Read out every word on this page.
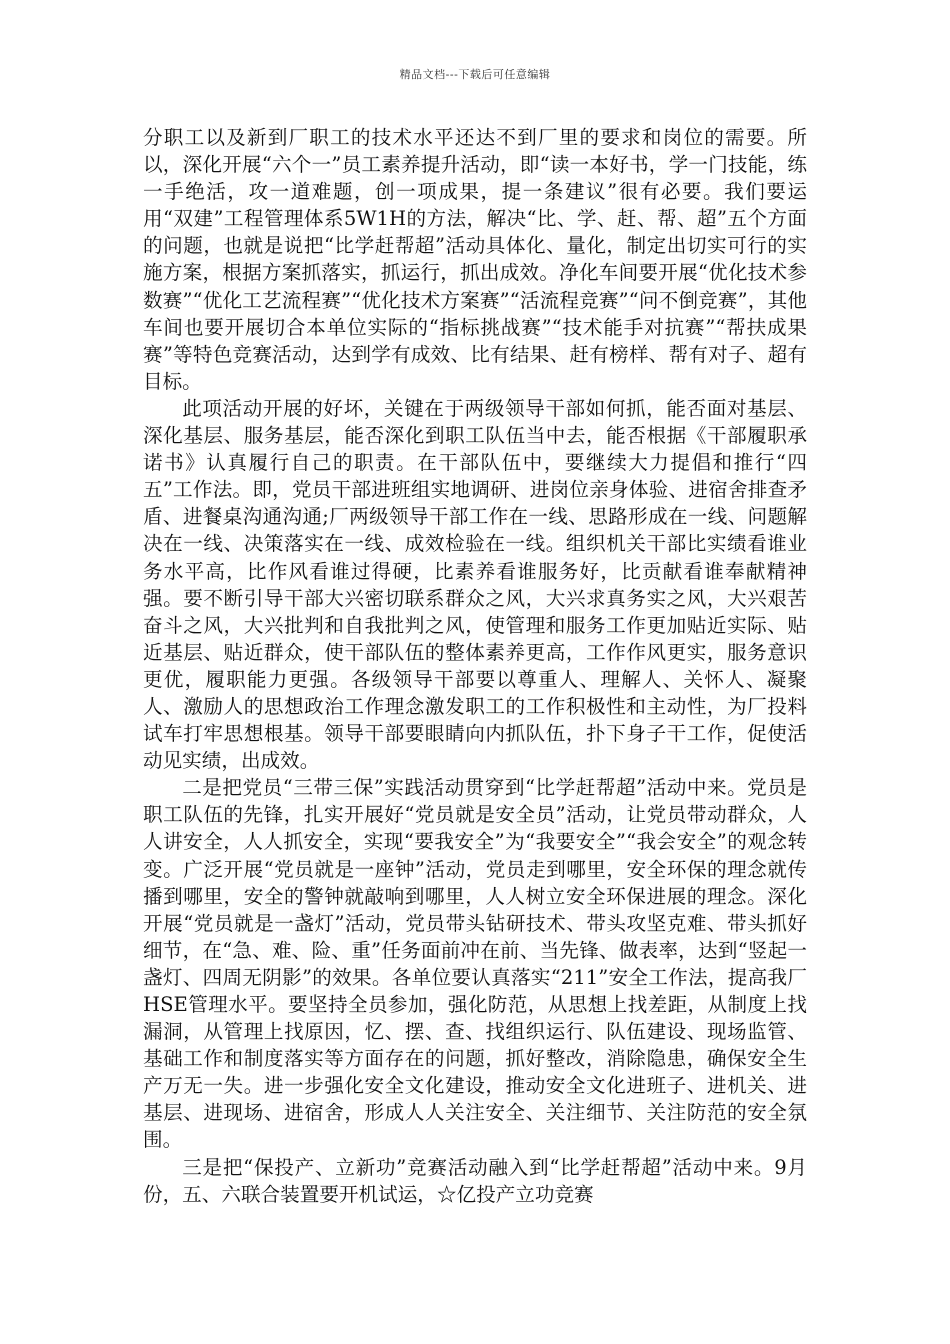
精品文档---下载后可任意编辑

分职工以及新到厂职工的技术水平还达不到厂里的要求和岗位的需要。所以，深化开展“六个一”员工素养提升活动，即“读一本好书，学一门技能，练一手绝活，攻一道难题，创一项成果，提一条建议”很有必要。我们要运用“双建”工程管理体系5W1H的方法，解决“比、学、赶、帮、超”五个方面的问题，也就是说把“比学赶帮超”活动具体化、量化，制定出切实可行的实施方案，根据方案抓落实，抓运行，抓出成效。净化车间要开展“优化技术参数赛”“优化工艺流程赛”“优化技术方案赛”“活流程竞赛”“问不倒竞赛”，其他车间也要开展切合本单位实际的“指标挑战赛”“技术能手对抗赛”“帮扶成果赛”等特色竞赛活动，达到学有成效、比有结果、赶有榜样、帮有对子、超有目标。

此项活动开展的好坏，关键在于两级领导干部如何抓，能否面对基层、深化基层、服务基层，能否深化到职工队伍当中去，能否根据《干部履职承诺书》认真履行自己的职责。在干部队伍中，要继续大力提倡和推行“四五”工作法。即，党员干部进班组实地调研、进岗位亲身体验、进宿舍排查矛盾、进餐桌沟通沟通;厂两级领导干部工作在一线、思路形成在一线、问题解决在一线、决策落实在一线、成效检验在一线。组织机关干部比实绩看谁业务水平高，比作风看谁过得硬，比素养看谁服务好，比贡献看谁奉献精神强。要不断引导干部大兴密切联系群众之风，大兴求真务实之风，大兴艰苦奋斗之风，大兴批判和自我批判之风，使管理和服务工作更加贴近实际、贴近基层、贴近群众，使干部队伍的整体素养更高，工作作风更实，服务意识更优，履职能力更强。各级领导干部要以尊重人、理解人、关怀人、凝聚人、激励人的思想政治工作理念激发职工的工作积极性和主动性，为厂投料试车打牢思想根基。领导干部要眼睛向内抓队伍，扑下身子干工作，促使活动见实绩，出成效。

二是把党员“三带三保”实践活动贯穿到“比学赶帮超”活动中来。党员是职工队伍的先锋，扎实开展好“党员就是安全员”活动，让党员带动群众，人人讲安全，人人抓安全，实现“要我安全”为“我要安全”“我会安全”的观念转变。广泛开展“党员就是一座钟”活动，党员走到哪里，安全环保的理念就传播到哪里，安全的警钟就敲响到哪里，人人树立安全环保进展的理念。深化开展“党员就是一盏灯”活动，党员带头钻研技术、带头攻坚克难、带头抓好细节，在“急、难、险、重”任务面前冲在前、当先锋、做表率，达到“竖起一盏灯、四周无阴影”的效果。各单位要认真落实“211”安全工作法，提高我厂HSE管理水平。要坚持全员参加，强化防范，从思想上找差距，从制度上找漏洞，从管理上找原因，忆、摆、查、找组织运行、队伍建设、现场监管、基础工作和制度落实等方面存在的问题，抓好整改，消除隐患，确保安全生产万无一失。进一步强化安全文化建设，推动安全文化进班子、进机关、进基层、进现场、进宿舍，形成人人关注安全、关注细节、关注防范的安全氛围。

三是把“保投产、立新功”竞赛活动融入到“比学赶帮超”活动中来。9月份，五、六联合装置要开机试运，☆亿投产立功竞赛
